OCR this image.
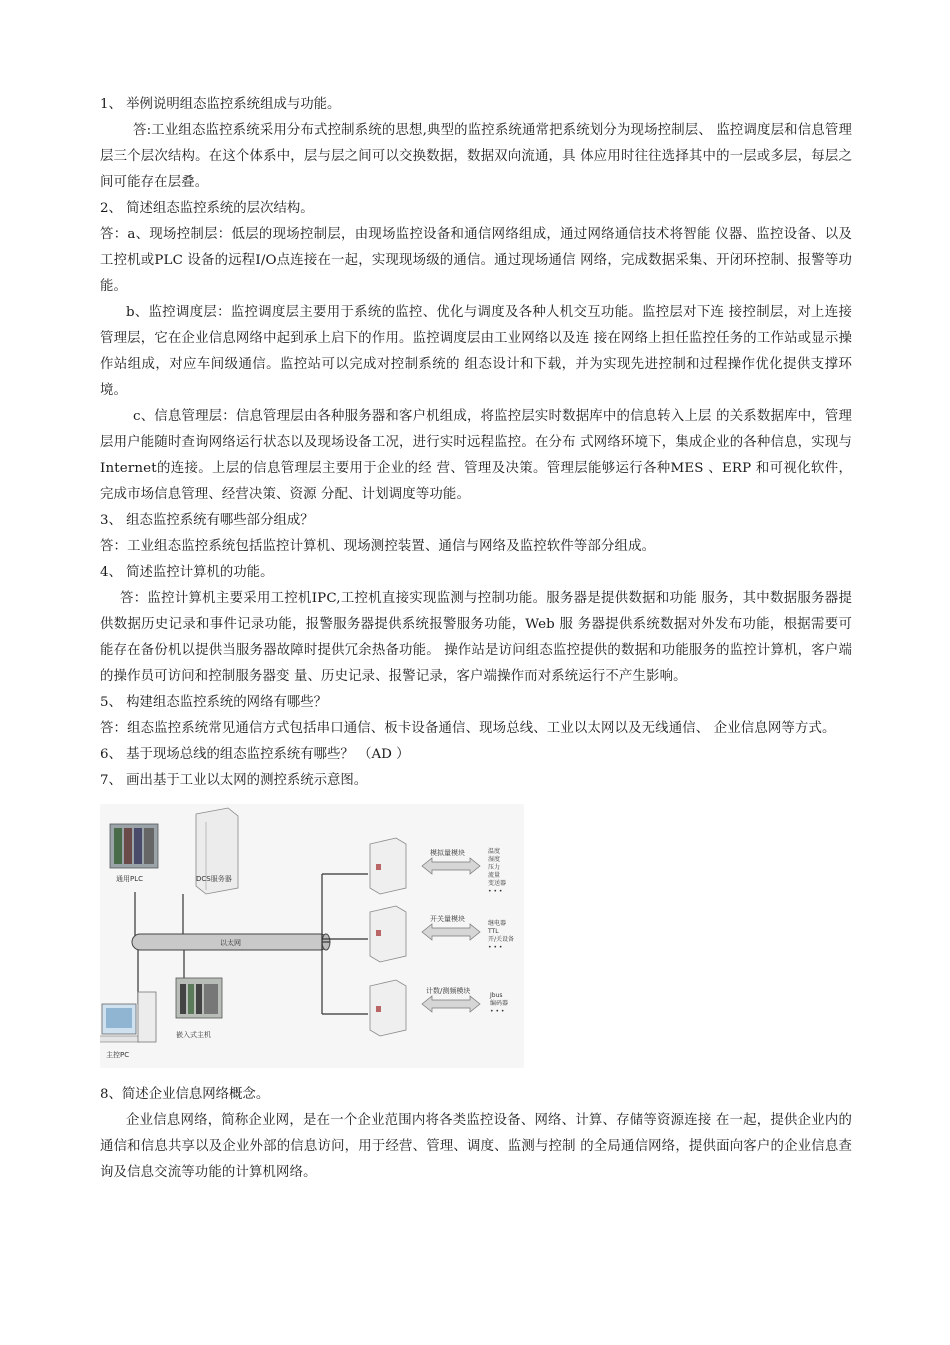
1、 举例说明组态监控系统组成与功能。

答:工业组态监控系统采用分布式控制系统的思想,典型的监控系统通常把系统划分为现场控制层、 监控调度层和信息管理层三个层次结构。在这个体系中，层与层之间可以交换数据，数据双向流通，具 体应用时往往选择其中的一层或多层，每层之间可能存在层叠。

2、 简述组态监控系统的层次结构。

答：a、现场控制层：低层的现场控制层，由现场监控设备和通信网络组成，通过网络通信技术将智能 仪器、监控设备、以及工控机或PLC 设备的远程I/O点连接在一起，实现现场级的通信。通过现场通信 网络，完成数据采集、开闭环控制、报警等功能。

b、监控调度层：监控调度层主要用于系统的监控、优化与调度及各种人机交互功能。监控层对下连 接控制层，对上连接管理层，它在企业信息网络中起到承上启下的作用。监控调度层由工业网络以及连 接在网络上担任监控任务的工作站或显示操作站组成，对应车间级通信。监控站可以完成对控制系统的 组态设计和下载，并为实现先进控制和过程操作优化提供支撑环境。

c、信息管理层：信息管理层由各种服务器和客户机组成，将监控层实时数据库中的信息转入上层 的关系数据库中，管理层用户能随时查询网络运行状态以及现场设备工况，进行实时远程监控。在分布 式网络环境下，集成企业的各种信息，实现与 Internet的连接。上层的信息管理层主要用于企业的经 营、管理及决策。管理层能够运行各种MES 、ERP 和可视化软件，完成市场信息管理、经营决策、资源 分配、计划调度等功能。

3、 组态监控系统有哪些部分组成？

答：工业组态监控系统包括监控计算机、现场测控装置、通信与网络及监控软件等部分组成。

4、 简述监控计算机的功能。

答：监控计算机主要采用工控机IPC,工控机直接实现监测与控制功能。服务器是提供数据和功能 服务，其中数据服务器提供数据历史记录和事件记录功能，报警服务器提供系统报警服务功能，Web 服 务器提供系统数据对外发布功能，根据需要可能存在备份机以提供当服务器故障时提供冗余热备功能。 操作站是访问组态监控提供的数据和功能服务的监控计算机，客户端的操作员可访问和控制服务器变 量、历史记录、报警记录，客户端操作而对系统运行不产生影响。

5、 构建组态监控系统的网络有哪些？

答：组态监控系统常见通信方式包括串口通信、板卡设备通信、现场总线、工业以太网以及无线通信、 企业信息网等方式。

6、 基于现场总线的组态监控系统有哪些？ （AD ）

7、 画出基于工业以太网的测控系统示意图。

通用PLC	DCS服务器
以太网
主控PC
嵌入式主机
模拟量模块
开关量模块
计数/测频模块
温度
湿度
压力
流量
变送器
• • •
继电器
TTL
开/关设备
• • •
Jbus
编码器
• • •

8、简述企业信息网络概念。

企业信息网络，简称企业网，是在一个企业范围内将各类监控设备、网络、计算、存储等资源连接 在一起，提供企业内的通信和信息共享以及企业外部的信息访问，用于经营、管理、调度、监测与控制 的全局通信网络，提供面向客户的企业信息查询及信息交流等功能的计算机网络。
